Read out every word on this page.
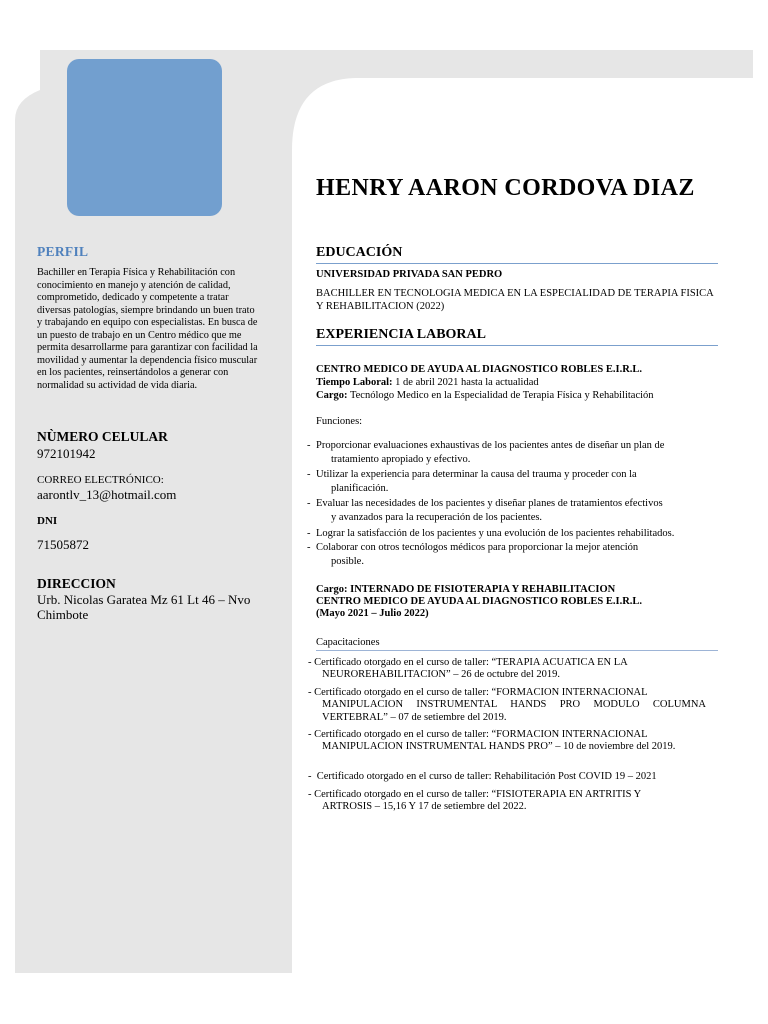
PERFIL
Bachiller en Terapia Física y Rehabilitación con conocimiento en manejo y atención de calidad, comprometido, dedicado y competente a tratar diversas patologías, siempre brindando un buen trato y trabajando en equipo con especialistas. En busca de un puesto de trabajo en un Centro médico que me permita desarrollarme para garantizar con facilidad la movilidad y aumentar la dependencia físico muscular en los pacientes, reinsertándolos a generar con normalidad su actividad de vida diaria.
NÙMERO CELULAR
972101942
CORREO ELECTRÓNICO:
aarontlv_13@hotmail.com
DNI
71505872
DIRECCION
Urb. Nicolas Garatea Mz 61 Lt 46 – Nvo Chimbote
HENRY AARON CORDOVA DIAZ
EDUCACIÓN
UNIVERSIDAD PRIVADA SAN PEDRO
BACHILLER EN TECNOLOGIA MEDICA EN LA ESPECIALIDAD DE TERAPIA FISICA Y REHABILITACION (2022)
EXPERIENCIA LABORAL
CENTRO MEDICO DE AYUDA AL DIAGNOSTICO ROBLES E.I.R.L.
Tiempo Laboral: 1 de abril 2021 hasta la actualidad
Cargo: Tecnólogo Medico en la Especialidad de Terapia Física y Rehabilitación
Funciones:
- Proporcionar evaluaciones exhaustivas de los pacientes antes de diseñar un plan de
tratamiento apropiado y efectivo.
- Utilizar la experiencia para determinar la causa del trauma y proceder con la
planificación.
- Evaluar las necesidades de los pacientes y diseñar planes de tratamientos efectivos
y avanzados para la recuperación de los pacientes.
- Lograr la satisfacción de los pacientes y una evolución de los pacientes rehabilitados.
- Colaborar con otros tecnólogos médicos para proporcionar la mejor atención
posible.
Cargo: INTERNADO DE FISIOTERAPIA Y REHABILITACION
CENTRO MEDICO DE AYUDA AL DIAGNOSTICO ROBLES E.I.R.L.
(Mayo 2021 – Julio 2022)
Capacitaciones
- Certificado otorgado en el curso de taller: “TERAPIA ACUATICA EN LA
NEUROREHABILITACION” – 26 de octubre del 2019.
- Certificado otorgado en el curso de taller: “FORMACION INTERNACIONAL
MANIPULACION INSTRUMENTAL HANDS PRO MODULO COLUMNA VERTEBRAL” – 07 de setiembre del 2019.
- Certificado otorgado en el curso de taller: “FORMACION INTERNACIONAL
MANIPULACION INSTRUMENTAL HANDS PRO” – 10 de noviembre del 2019.
- Certificado otorgado en el curso de taller: Rehabilitación Post COVID 19 – 2021
- Certificado otorgado en el curso de taller: “FISIOTERAPIA EN ARTRITIS Y
ARTROSIS – 15,16 Y 17 de setiembre del 2022.
